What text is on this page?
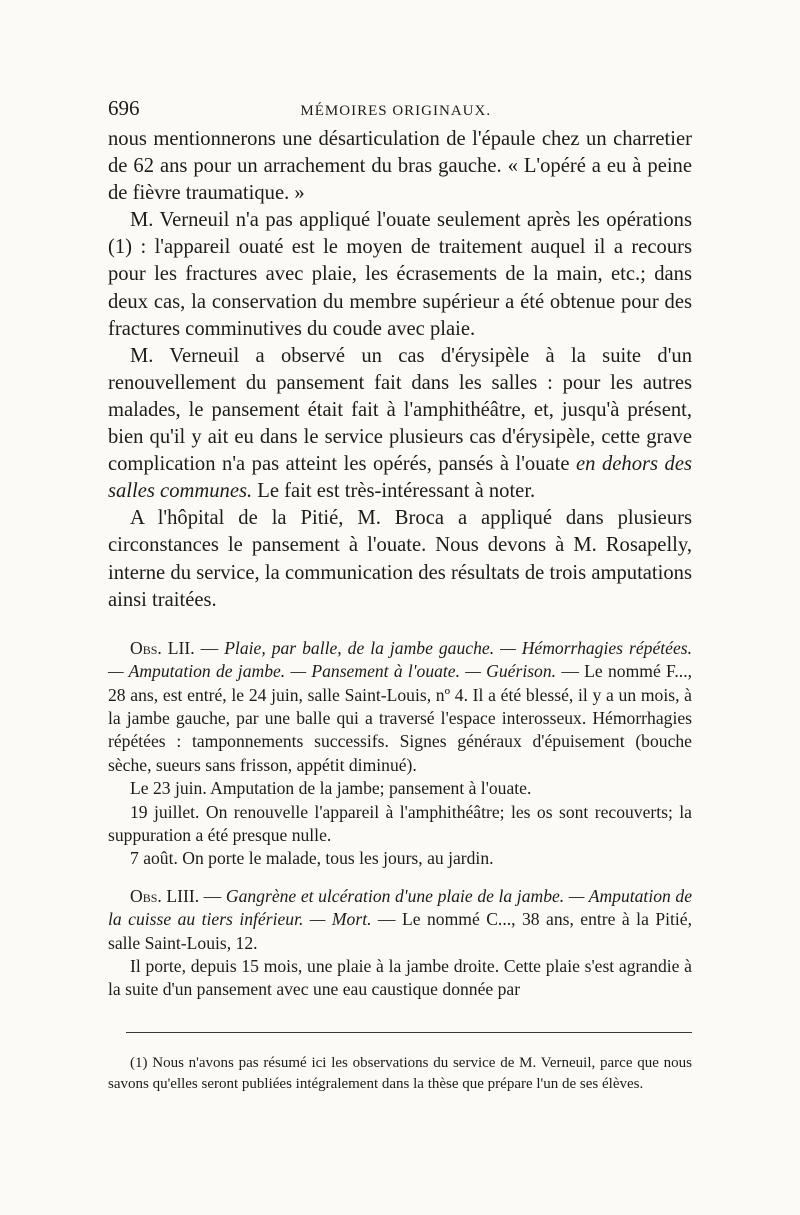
696	MÉMOIRES ORIGINAUX.

nous mentionnerons une désarticulation de l'épaule chez un charretier de 62 ans pour un arrachement du bras gauche. « L'opéré a eu à peine de fièvre traumatique. »

M. Verneuil n'a pas appliqué l'ouate seulement après les opérations (1) : l'appareil ouaté est le moyen de traitement auquel il a recours pour les fractures avec plaie, les écrasements de la main, etc.; dans deux cas, la conservation du membre supérieur a été obtenue pour des fractures comminutives du coude avec plaie.

M. Verneuil a observé un cas d'érysipèle à la suite d'un renouvellement du pansement fait dans les salles : pour les autres malades, le pansement était fait à l'amphithéâtre, et, jusqu'à présent, bien qu'il y ait eu dans le service plusieurs cas d'érysipèle, cette grave complication n'a pas atteint les opérés, pansés à l'ouate en dehors des salles communes. Le fait est très-intéressant à noter.

A l'hôpital de la Pitié, M. Broca a appliqué dans plusieurs circonstances le pansement à l'ouate. Nous devons à M. Rosapelly, interne du service, la communication des résultats de trois amputations ainsi traitées.

Obs. LII. — Plaie, par balle, de la jambe gauche. — Hémorrhagies répétées. — Amputation de jambe. — Pansement à l'ouate. — Guérison. — Le nommé F..., 28 ans, est entré, le 24 juin, salle Saint-Louis, nº 4. Il a été blessé, il y a un mois, à la jambe gauche, par une balle qui a traversé l'espace interosseux. Hémorrhagies répétées : tamponnements successifs. Signes généraux d'épuisement (bouche sèche, sueurs sans frisson, appétit diminué).

Le 23 juin. Amputation de la jambe; pansement à l'ouate.

19 juillet. On renouvelle l'appareil à l'amphithéâtre; les os sont recouverts; la suppuration a été presque nulle.

7 août. On porte le malade, tous les jours, au jardin.

Obs. LIII. — Gangrène et ulcération d'une plaie de la jambe. — Amputation de la cuisse au tiers inférieur. — Mort. — Le nommé C..., 38 ans, entre à la Pitié, salle Saint-Louis, 12.

Il porte, depuis 15 mois, une plaie à la jambe droite. Cette plaie s'est agrandie à la suite d'un pansement avec une eau caustique donnée par

(1) Nous n'avons pas résumé ici les observations du service de M. Verneuil, parce que nous savons qu'elles seront publiées intégralement dans la thèse que prépare l'un de ses élèves.
